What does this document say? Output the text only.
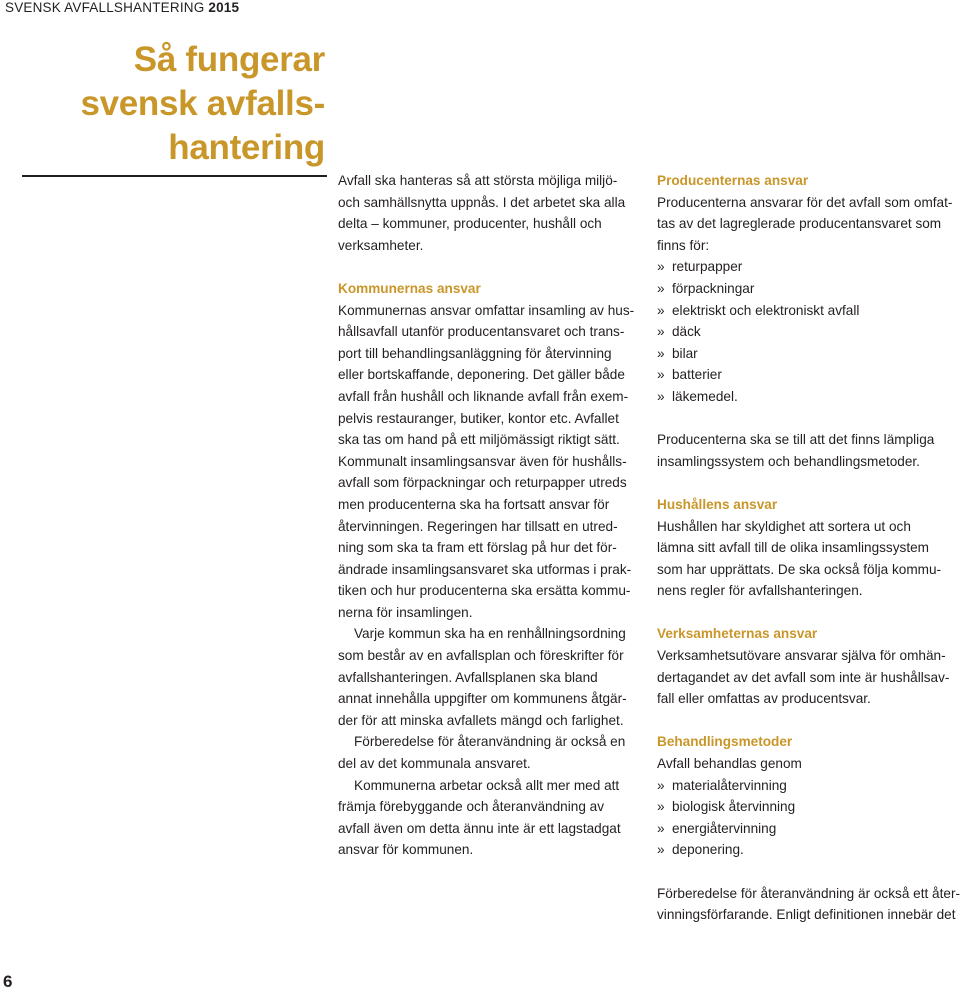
SVENSK AVFALLSHANTERING 2015
Så fungerar
svensk avfalls-
hantering
Avfall ska hanteras så att största möjliga miljö-
och samhällsnytta uppnås. I det arbetet ska alla
delta – kommuner, producenter, hushåll och
verksamheter.
Kommunernas ansvar
Kommunernas ansvar omfattar insamling av hus-
hållsavfall utanför producentansvaret och trans-
port till behandlingsanläggning för återvinning
eller bortskaffande, deponering. Det gäller både
avfall från hushåll och liknande avfall från exem-
pelvis restauranger, butiker, kontor etc. Avfallet
ska tas om hand på ett miljömässigt riktigt sätt.
Kommunalt insamlingsansvar även för hushålls-
avfall som förpackningar och returpapper utreds
men producenterna ska ha fortsatt ansvar för
återvinningen. Regeringen har tillsatt en utred-
ning som ska ta fram ett förslag på hur det för-
ändrade insamlingsansvaret ska utformas i prak-
tiken och hur producenterna ska ersätta kommu-
nerna för insamlingen.
Varje kommun ska ha en renhållningsordning
som består av en avfallsplan och föreskrifter för
avfallshanteringen. Avfallsplanen ska bland
annat innehålla uppgifter om kommunens åtgär-
der för att minska avfallets mängd och farlighet.
Förberedelse för återanvändning är också en
del av det kommunala ansvaret.
Kommunerna arbetar också allt mer med att
främja förebyggande och återanvändning av
avfall även om detta ännu inte är ett lagstadgat
ansvar för kommunen.
Producenternas ansvar
Producenterna ansvarar för det avfall som omfat-
tas av det lagreglerade producentansvaret som
finns för:
» returpapper
» förpackningar
» elektriskt och elektroniskt avfall
» däck
» bilar
» batterier
» läkemedel.
Producenterna ska se till att det finns lämpliga
insamlingssystem och behandlingsmetoder.
Hushållens ansvar
Hushållen har skyldighet att sortera ut och
lämna sitt avfall till de olika insamlingssystem
som har upprättats. De ska också följa kommu-
nens regler för avfallshanteringen.
Verksamheternas ansvar
Verksamhetsutövare ansvarar själva för omhän-
dertagandet av det avfall som inte är hushållsav-
fall eller omfattas av producentsvar.
Behandlingsmetoder
Avfall behandlas genom
» materialåtervinning
» biologisk återvinning
» energiåtervinning
» deponering.
Förberedelse för återanvändning är också ett åter-
vinningsförfarande. Enligt definitionen innebär det
6
